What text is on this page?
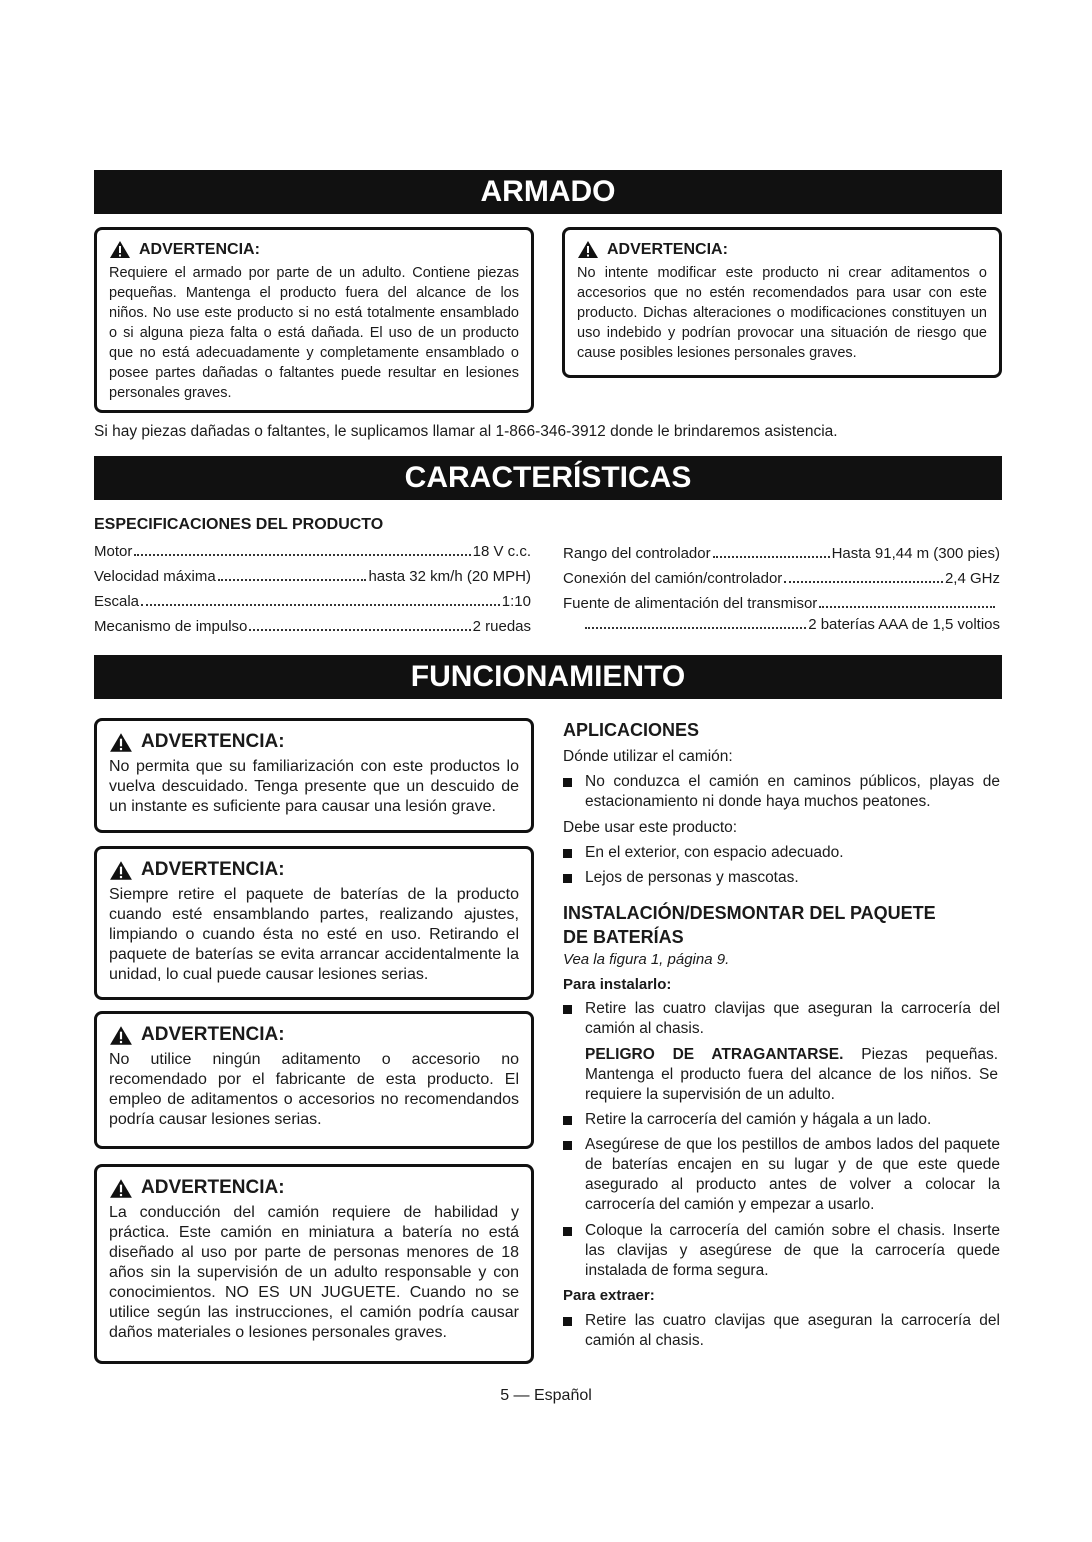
ARMADO
ADVERTENCIA:
Requiere el armado por parte de un adulto. Contiene piezas pequeñas. Mantenga el producto fuera del alcance de los niños. No use este producto si no está totalmente ensamblado o si alguna pieza falta o está dañada. El uso de un producto que no está adecuadamente y completamente ensamblado o posee partes dañadas o faltantes puede resultar en lesiones personales graves.
ADVERTENCIA:
No intente modificar este producto ni crear aditamentos o accesorios que no estén recomendados para usar con este producto. Dichas alteraciones o modificaciones constituyen un uso indebido y podrían provocar una situación de riesgo que cause posibles lesiones personales graves.
Si hay piezas dañadas o faltantes, le suplicamos llamar al 1-866-346-3912 donde le brindaremos asistencia.
CARACTERÍSTICAS
ESPECIFICACIONES DEL PRODUCTO
Motor	18 V c.c.
Velocidad máxima	hasta 32 km/h (20 MPH)
Escala	1:10
Mecanismo de impulso	2 ruedas
Rango del controlador	Hasta 91,44 m (300 pies)
Conexión del camión/controlador	2,4 GHz
Fuente de alimentación del transmisor
2 baterías AAA de 1,5 voltios
FUNCIONAMIENTO
ADVERTENCIA:
No permita que su familiarización con este productos lo vuelva descuidado. Tenga presente que un descuido de un instante es suficiente para causar una lesión grave.
ADVERTENCIA:
Siempre retire el paquete de baterías de la producto cuando esté ensamblando partes, realizando ajustes, limpiando o cuando ésta no esté en uso. Retirando el paquete de baterías se evita arrancar accidentalmente la unidad, lo cual puede causar lesiones serias.
ADVERTENCIA:
No utilice ningún aditamento o accesorio no recomendado por el fabricante de esta producto. El empleo de aditamentos o accesorios no recomendandos podría causar lesiones serias.
ADVERTENCIA:
La conducción del camión requiere de habilidad y práctica. Este camión en miniatura a batería no está diseñado al uso por parte de personas menores de 18 años sin la supervisión de un adulto responsable y con conocimientos. NO ES UN JUGUETE. Cuando no se utilice según las instrucciones, el camión podría causar daños materiales o lesiones personales graves.
APLICACIONES
Dónde utilizar el camión:
No conduzca el camión en caminos públicos, playas de estacionamiento ni donde haya muchos peatones.
Debe usar este producto:
En el exterior, con espacio adecuado.
Lejos de personas y mascotas.
INSTALACIÓN/DESMONTAR DEL PAQUETE
DE BATERÍAS
Vea la figura 1, página 9.
Para instalarlo:
Retire las cuatro clavijas que aseguran la carrocería del camión al chasis.
PELIGRO DE ATRAGANTARSE. Piezas pequeñas. Mantenga el producto fuera del alcance de los niños. Se requiere la supervisión de un adulto.
Retire la carrocería del camión y hágala a un lado.
Asegúrese de que los pestillos de ambos lados del paquete de baterías encajen en su lugar y de que este quede asegurado al producto antes de volver a colocar la carrocería del camión y empezar a usarlo.
Coloque la carrocería del camión sobre el chasis. Inserte las clavijas y asegúrese de que la carrocería quede instalada de forma segura.
Para extraer:
Retire las cuatro clavijas que aseguran la carrocería del camión al chasis.
5 — Español
